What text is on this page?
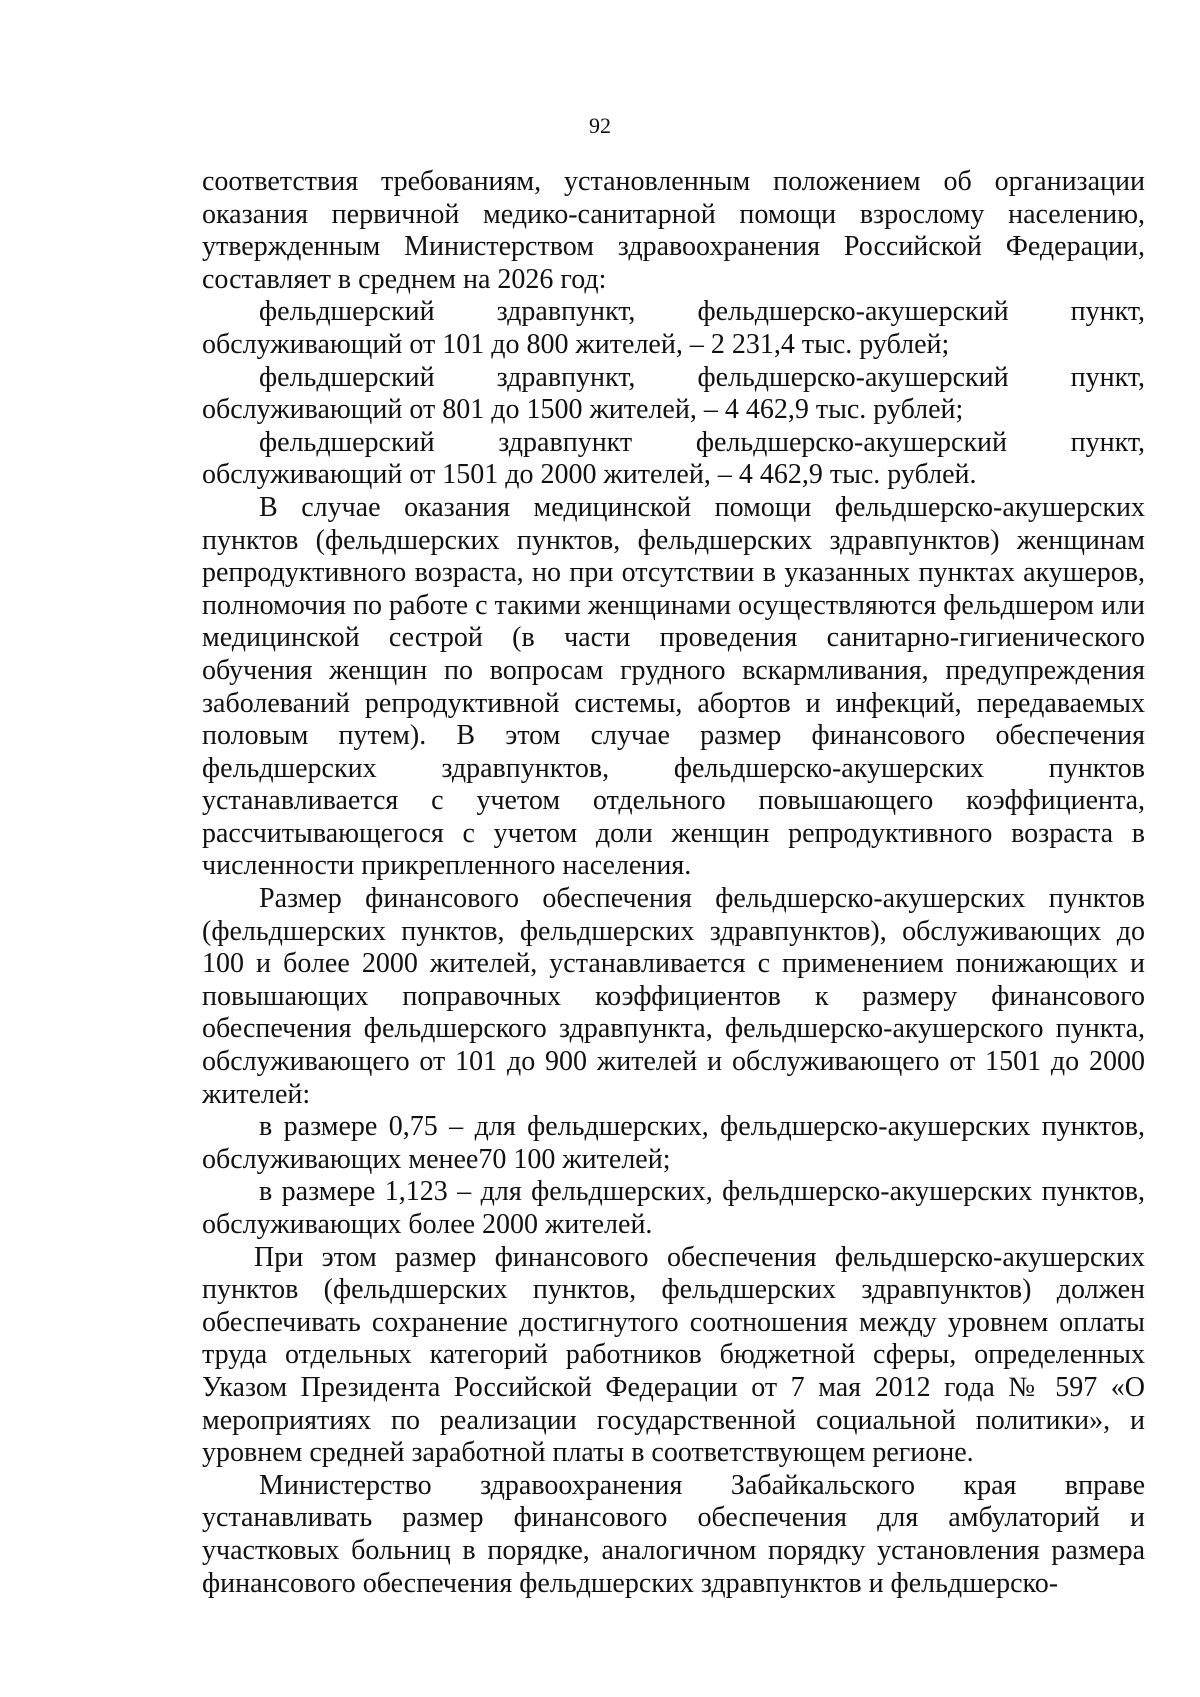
92

соответствия требованиям, установленным положением об организации оказания первичной медико-санитарной помощи взрослому населению, утвержденным Министерством здравоохранения Российской Федерации, составляет в среднем на 2026 год:

фельдшерский здравпункт, фельдшерско-акушерский пункт, обслуживающий от 101 до 800 жителей, – 2 231,4 тыс. рублей;

фельдшерский здравпункт, фельдшерско-акушерский пункт, обслуживающий от 801 до 1500 жителей, – 4 462,9 тыс. рублей;

фельдшерский здравпункт фельдшерско-акушерский пункт, обслуживающий от 1501 до 2000 жителей, – 4 462,9 тыс. рублей.

В случае оказания медицинской помощи фельдшерско-акушерских пунктов (фельдшерских пунктов, фельдшерских здравпунктов) женщинам репродуктивного возраста, но при отсутствии в указанных пунктах акушеров, полномочия по работе с такими женщинами осуществляются фельдшером или медицинской сестрой (в части проведения санитарно-гигиенического обучения женщин по вопросам грудного вскармливания, предупреждения заболеваний репродуктивной системы, абортов и инфекций, передаваемых половым путем). В этом случае размер финансового обеспечения фельдшерских здравпунктов, фельдшерско-акушерских пунктов устанавливается с учетом отдельного повышающего коэффициента, рассчитывающегося с учетом доли женщин репродуктивного возраста в численности прикрепленного населения.

Размер финансового обеспечения фельдшерско-акушерских пунктов (фельдшерских пунктов, фельдшерских здравпунктов), обслуживающих до 100 и более 2000 жителей, устанавливается с применением понижающих и повышающих поправочных коэффициентов к размеру финансового обеспечения фельдшерского здравпункта, фельдшерско-акушерского пункта, обслуживающего от 101 до 900 жителей и обслуживающего от 1501 до 2000 жителей:

в размере 0,75 – для фельдшерских, фельдшерско-акушерских пунктов, обслуживающих менее70 100 жителей;

в размере 1,123 – для фельдшерских, фельдшерско-акушерских пунктов, обслуживающих более 2000 жителей.

При этом размер финансового обеспечения фельдшерско-акушерских пунктов (фельдшерских пунктов, фельдшерских здравпунктов) должен обеспечивать сохранение достигнутого соотношения между уровнем оплаты труда отдельных категорий работников бюджетной сферы, определенных Указом Президента Российской Федерации от 7 мая 2012 года № 597 «О мероприятиях по реализации государственной социальной политики», и уровнем средней заработной платы в соответствующем регионе.

Министерство здравоохранения Забайкальского края вправе устанавливать размер финансового обеспечения для амбулаторий и участковых больниц в порядке, аналогичном порядку установления размера финансового обеспечения фельдшерских здравпунктов и фельдшерско-
